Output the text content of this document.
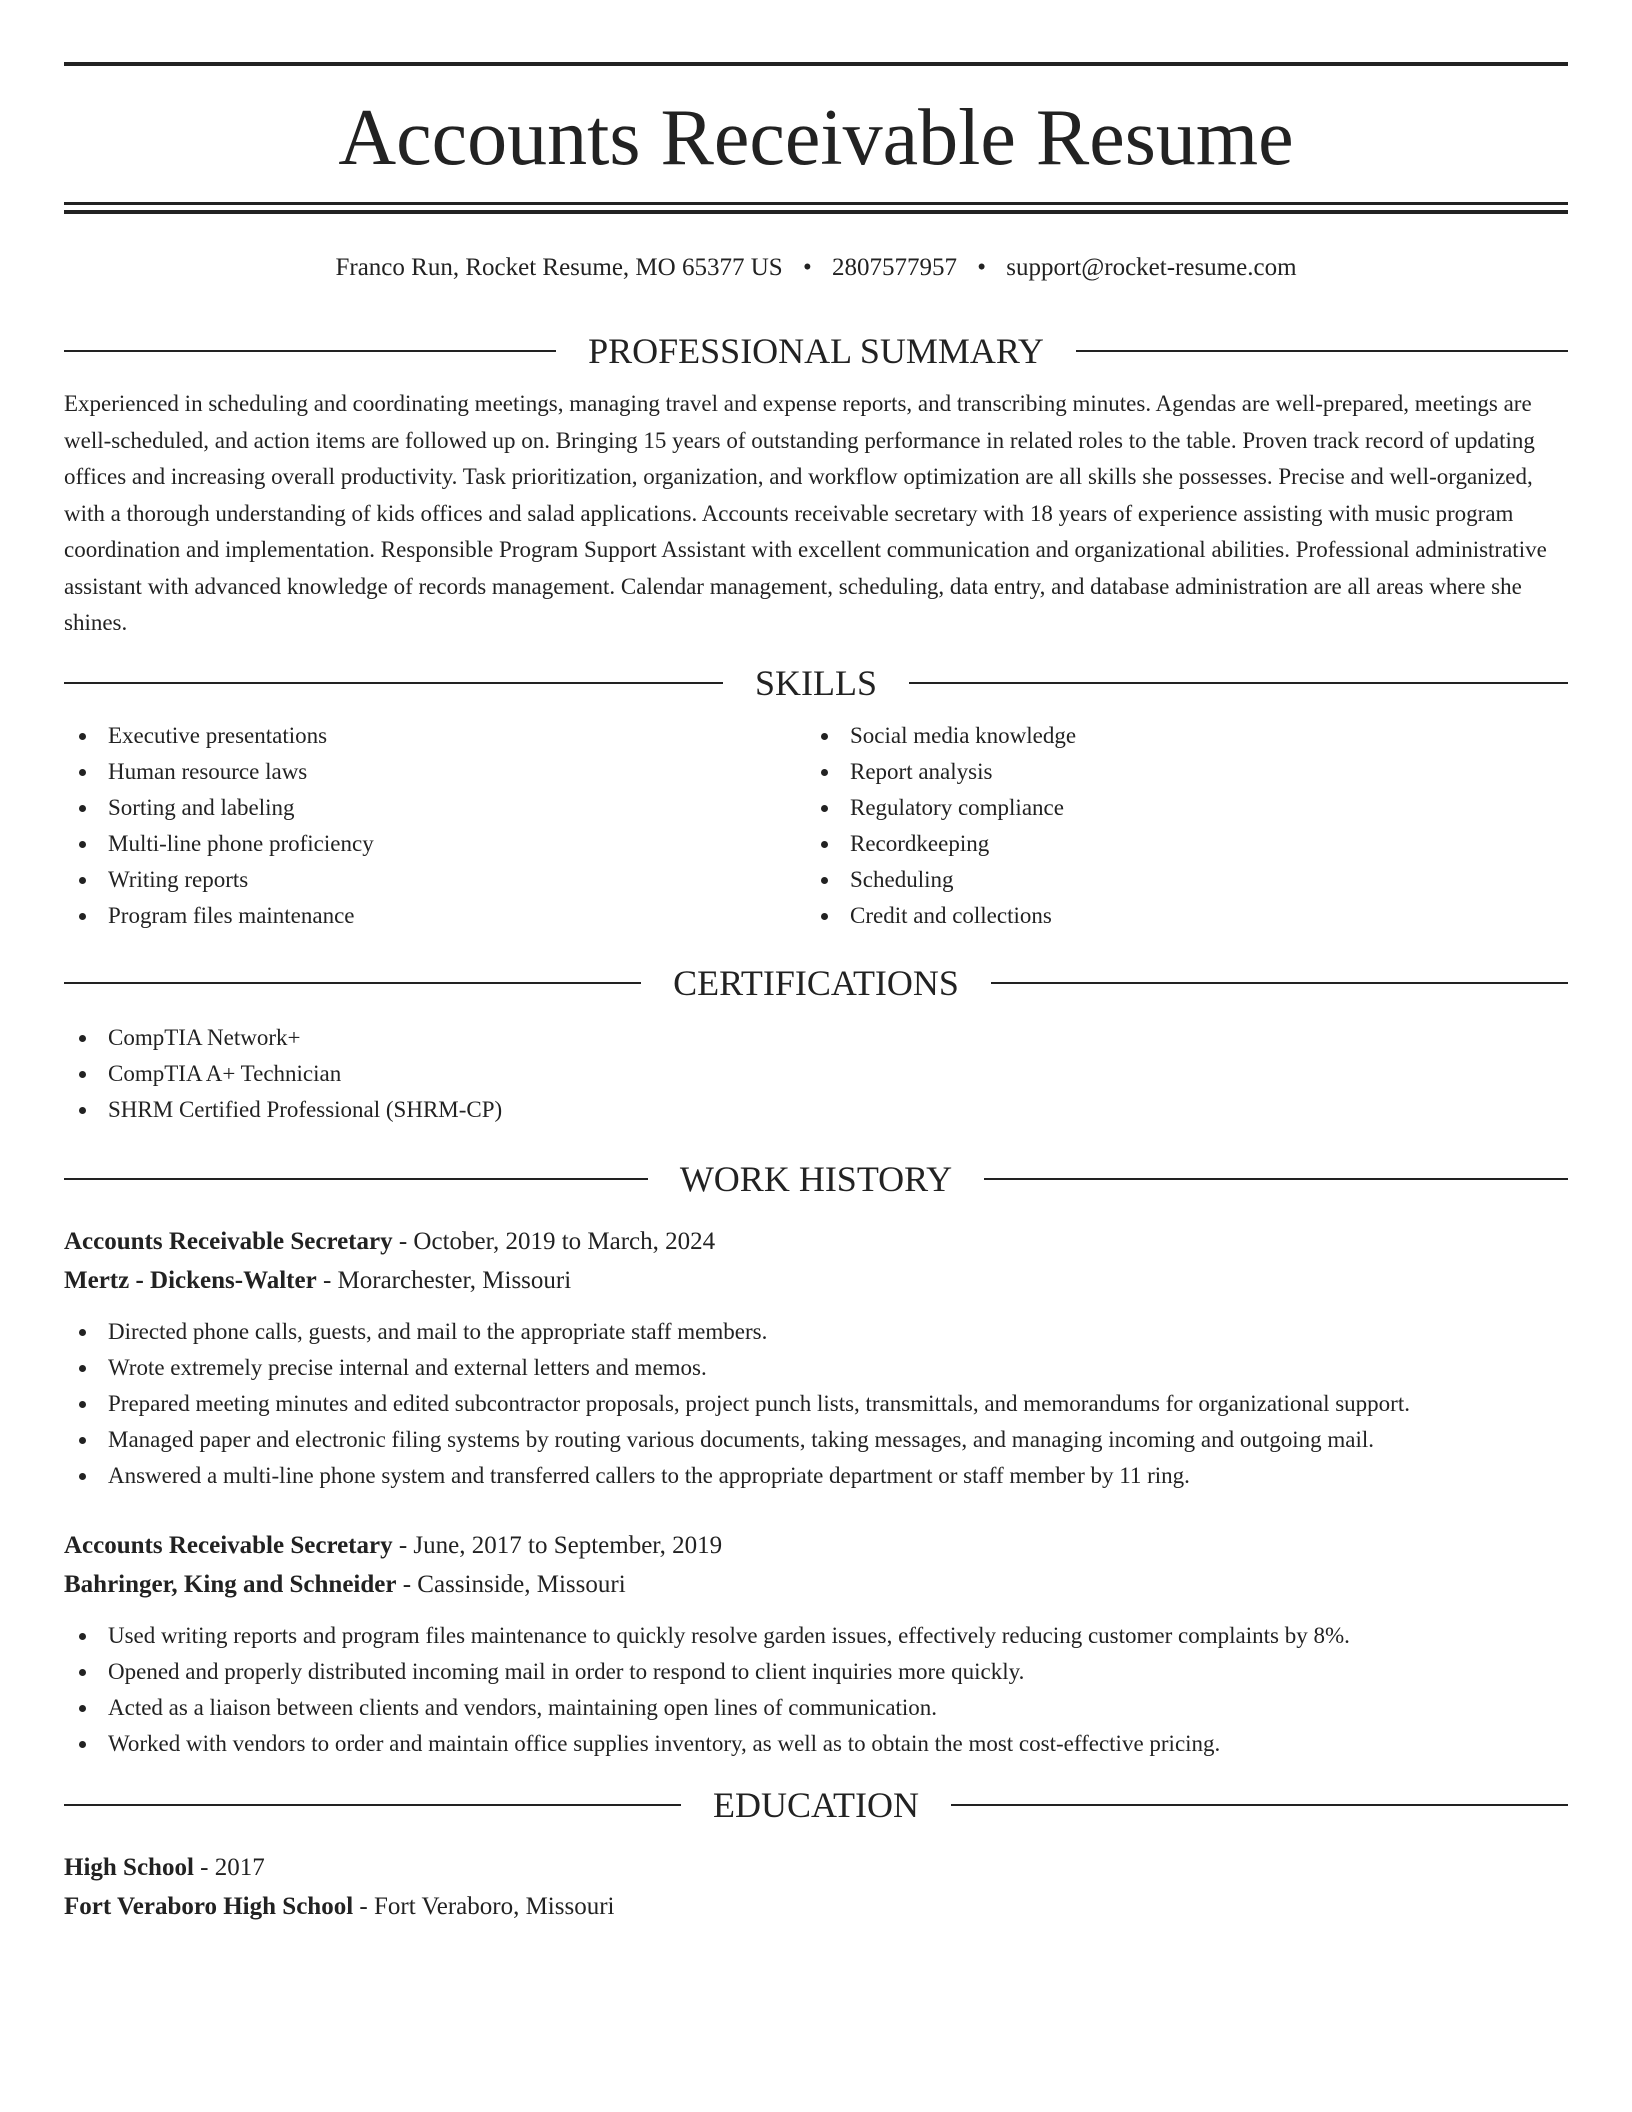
Accounts Receivable Resume
Franco Run, Rocket Resume, MO 65377 US • 2807577957 • support@rocket-resume.com
PROFESSIONAL SUMMARY

Experienced in scheduling and coordinating meetings, managing travel and expense reports, and transcribing minutes. Agendas are well-prepared, meetings are well-scheduled, and action items are followed up on. Bringing 15 years of outstanding performance in related roles to the table. Proven track record of updating offices and increasing overall productivity. Task prioritization, organization, and workflow optimization are all skills she possesses. Precise and well-organized, with a thorough understanding of kids offices and salad applications. Accounts receivable secretary with 18 years of experience assisting with music program coordination and implementation. Responsible Program Support Assistant with excellent communication and organizational abilities. Professional administrative assistant with advanced knowledge of records management. Calendar management, scheduling, data entry, and database administration are all areas where she shines.

SKILLS
Executive presentations
Human resource laws
Sorting and labeling
Multi-line phone proficiency
Writing reports
Program files maintenance
Social media knowledge
Report analysis
Regulatory compliance
Recordkeeping
Scheduling
Credit and collections
CERTIFICATIONS
CompTIA Network+
CompTIA A+ Technician
SHRM Certified Professional (SHRM-CP)
WORK HISTORY
Accounts Receivable Secretary - October, 2019 to March, 2024
Mertz - Dickens-Walter - Morarchester, Missouri
Directed phone calls, guests, and mail to the appropriate staff members.
Wrote extremely precise internal and external letters and memos.
Prepared meeting minutes and edited subcontractor proposals, project punch lists, transmittals, and memorandums for organizational support.
Managed paper and electronic filing systems by routing various documents, taking messages, and managing incoming and outgoing mail.
Answered a multi-line phone system and transferred callers to the appropriate department or staff member by 11 ring.
Accounts Receivable Secretary - June, 2017 to September, 2019
Bahringer, King and Schneider - Cassinside, Missouri
Used writing reports and program files maintenance to quickly resolve garden issues, effectively reducing customer complaints by 8%.
Opened and properly distributed incoming mail in order to respond to client inquiries more quickly.
Acted as a liaison between clients and vendors, maintaining open lines of communication.
Worked with vendors to order and maintain office supplies inventory, as well as to obtain the most cost-effective pricing.
EDUCATION
High School - 2017
Fort Veraboro High School - Fort Veraboro, Missouri
